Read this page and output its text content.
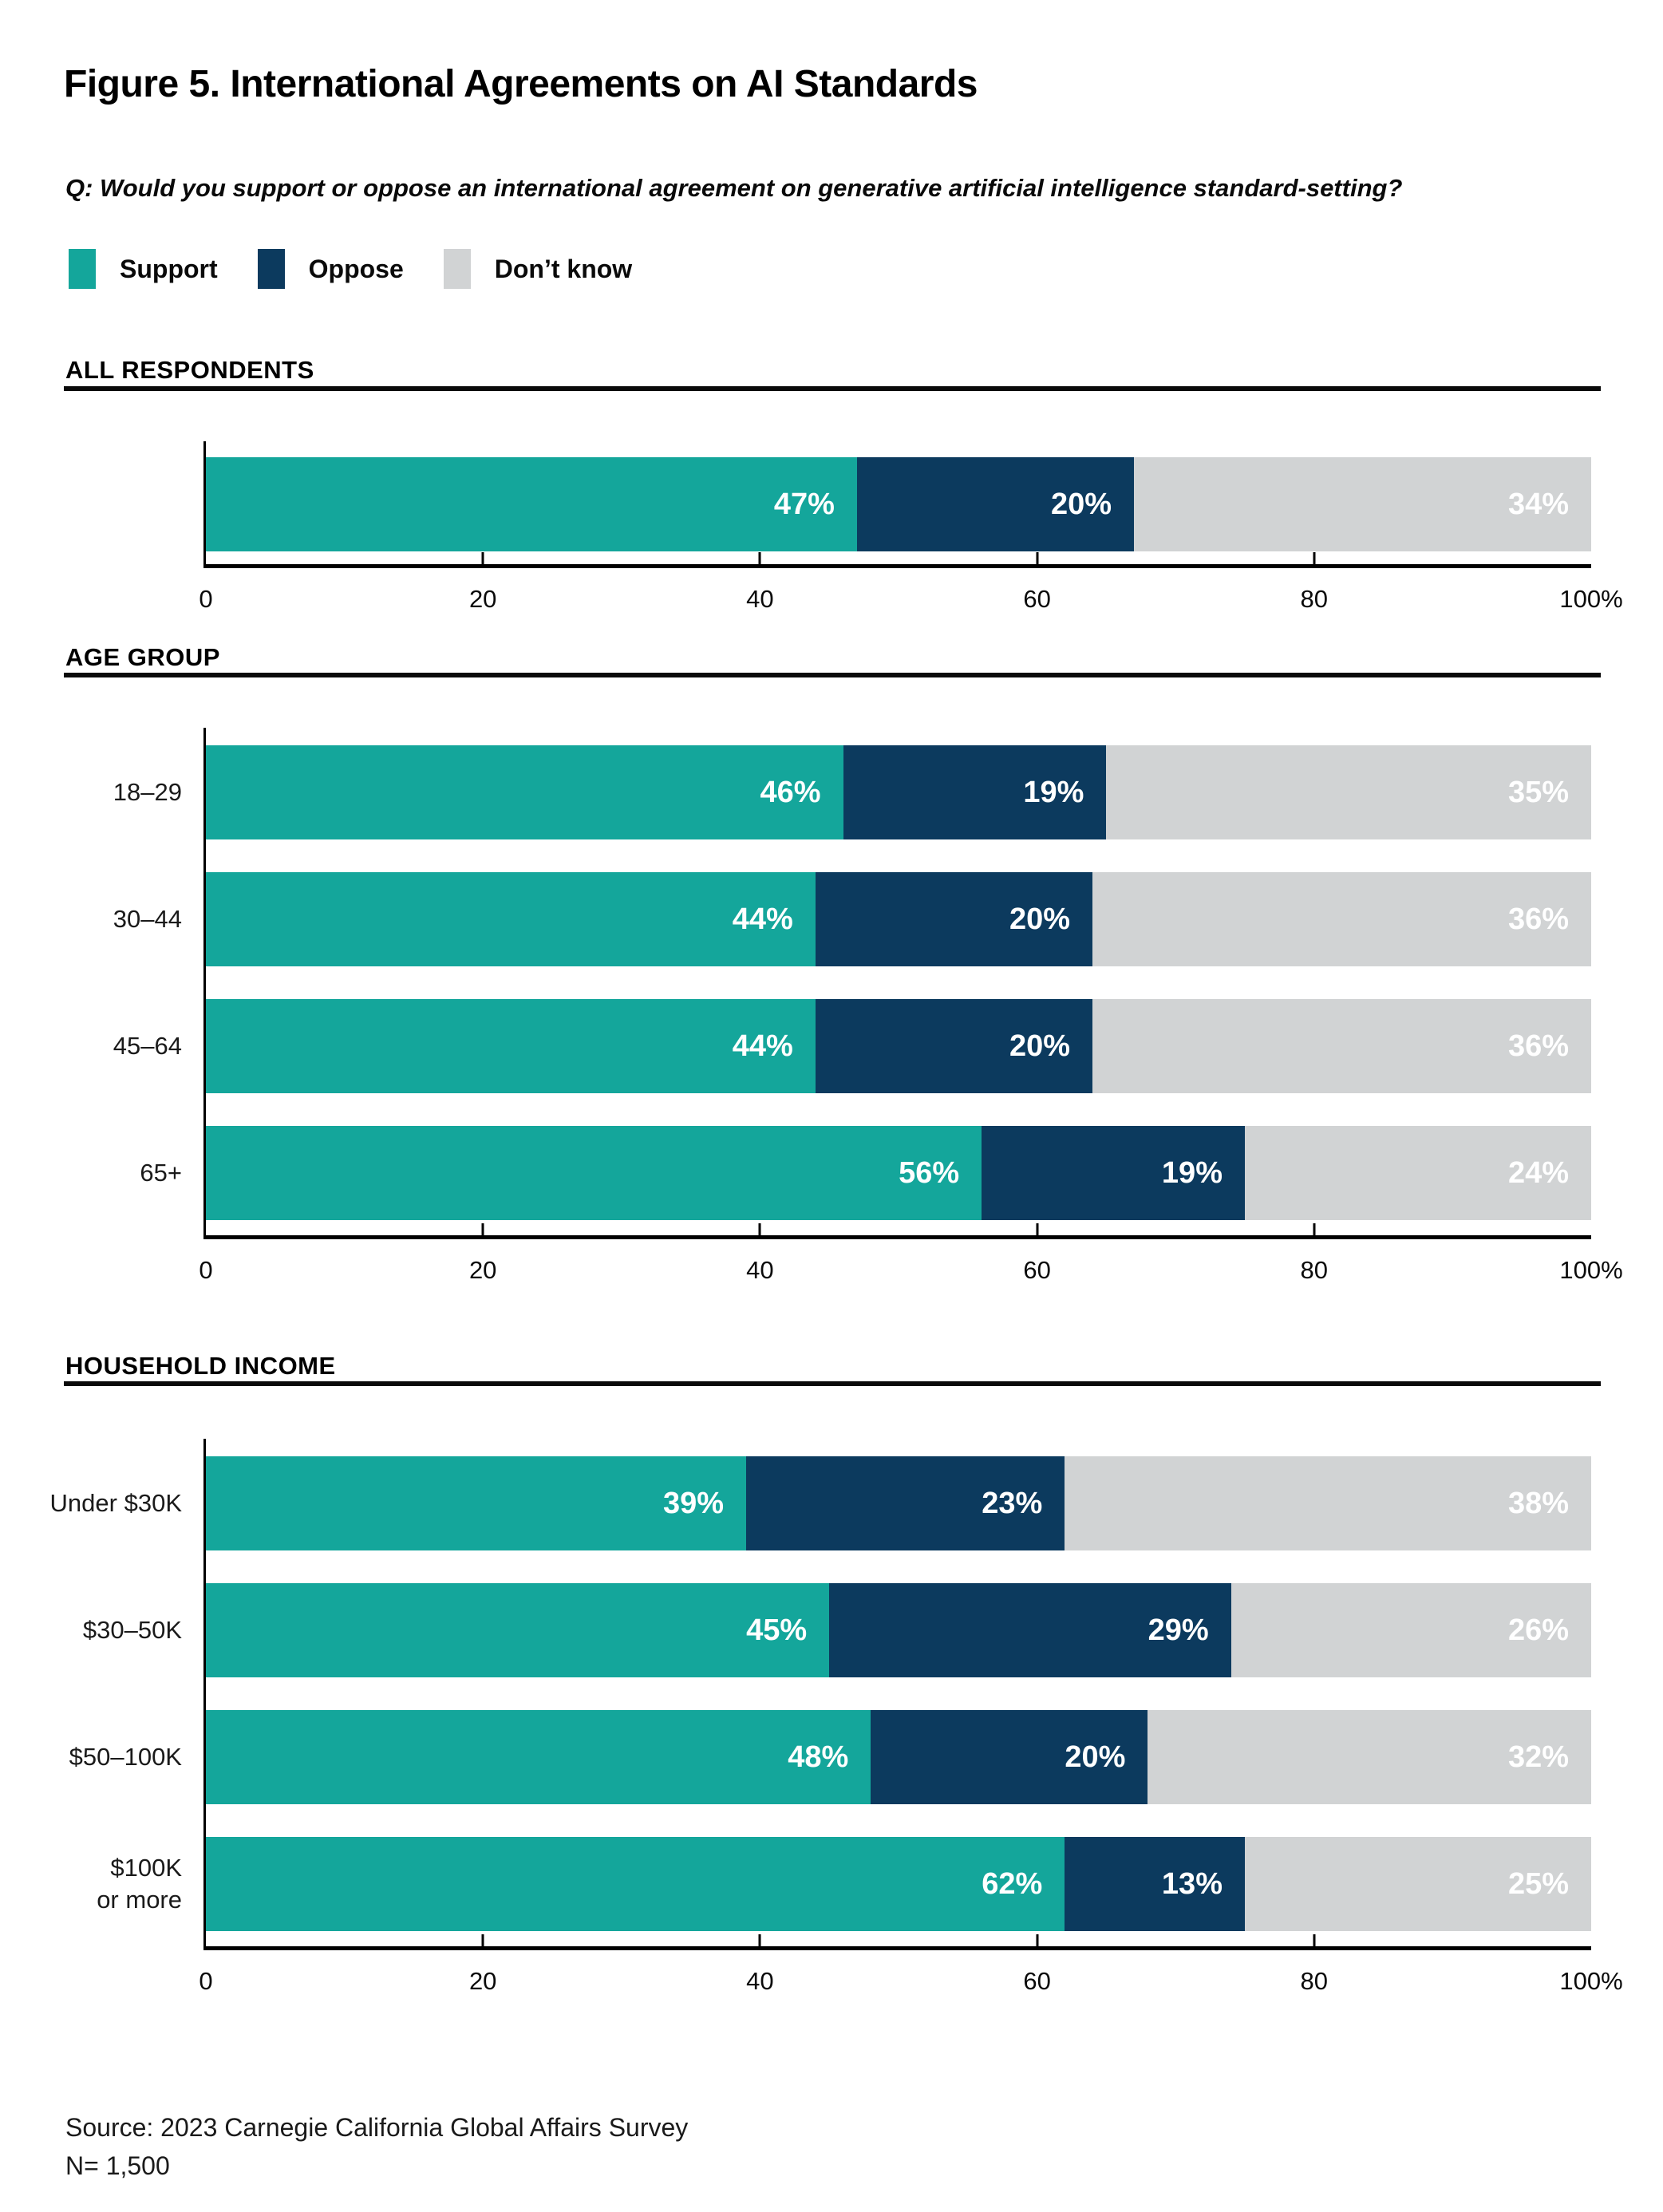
Figure 5. International Agreements on AI Standards
Q: Would you support or oppose an international agreement on generative artificial intelligence standard-setting?
Support	Oppose	Don’t know
ALL RESPONDENTS
47%	20%	34%
0	20	40	60	80	100%
AGE GROUP
18–29	46%	19%	35%
30–44	44%	20%	36%
45–64	44%	20%	36%
65+	56%	19%	24%
0	20	40	60	80	100%
HOUSEHOLD INCOME
Under $30K	39%	23%	38%
$30–50K	45%	29%	26%
$50–100K	48%	20%	32%
$100K
or more	62%	13%	25%
0	20	40	60	80	100%
Source: 2023 Carnegie California Global Affairs Survey
N= 1,500
